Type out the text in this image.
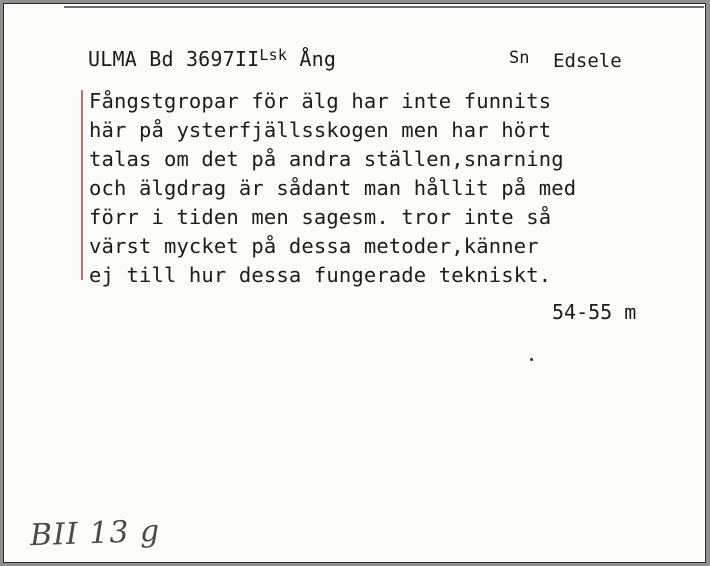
ULMA Bd $3697II^{Lsk}$ Ång	Sn Edsele
Fångstgropar för älg har inte funnits
här på ysterfjällsskogen men har hört
talas om det på andra ställen,snarning
och älgdrag är sådant man hållit på med
förr i tiden men sagesm. tror inte så
värst mycket på dessa metoder,känner
ej till hur dessa fungerade tekniskt.
54-55 m
BII 13 g
